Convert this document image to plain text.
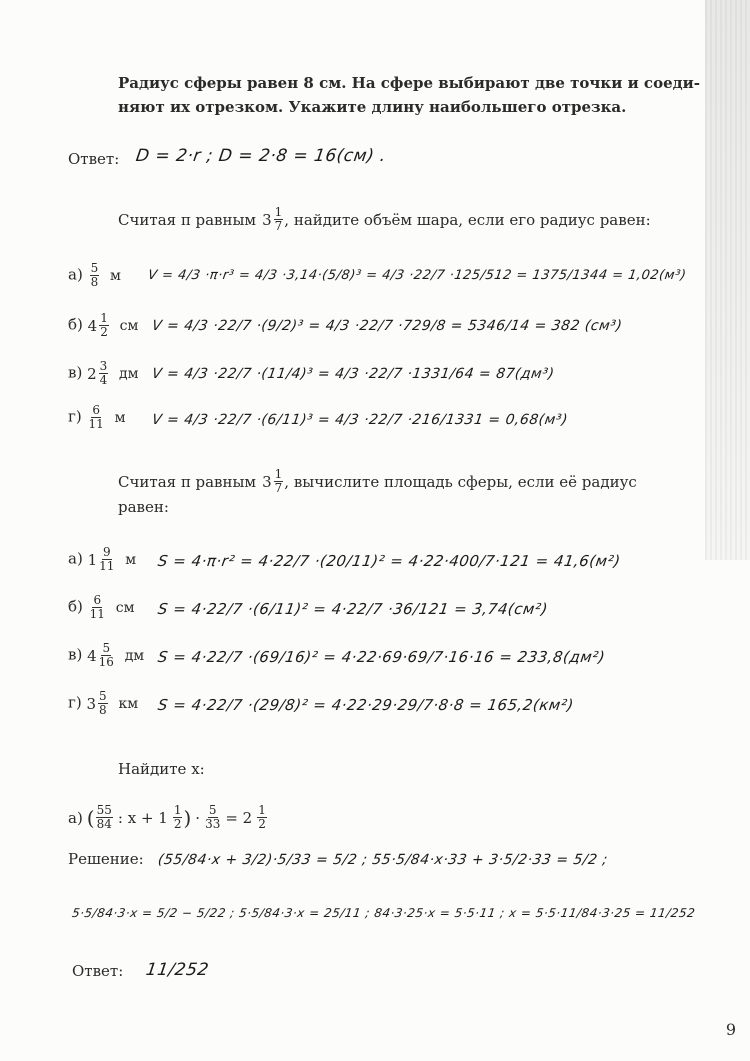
Радиус сферы равен 8 см. На сфере выбирают две точки и соеди-
няют их отрезком. Укажите длину наибольшего отрезка.
Ответ: D = 2·r ; D = 2·8 = 16(см) .
Считая π равным $3 \frac{1}{7}$ , найдите объём шара, если его радиус равен:
$а) \frac{5}{8}$ м V = 4/3 ·π·r³ = 4/3 ·3,14·(5/8)³ = 4/3 ·22/7 ·125/512 = 1375/1344 = 1,02(м³)
б) $4 \frac{1}{2}$ см V = 4/3 ·22/7 ·(9/2)³ = 4/3 ·22/7 ·729/8 = 5346/14 = 382 (см³)
в) $2 \frac{3}{4}$ дм V = 4/3 ·22/7 ·(11/4)³ = 4/3 ·22/7 ·1331/64 = 87(дм³)
$г) \frac{6}{11}$ м V = 4/3 ·22/7 ·(6/11)³ = 4/3 ·22/7 ·216/1331 = 0,68(м³)
Считая π равным $3 \frac{1}{7}$ , вычислите площадь сферы, если её радиус
равен:
а) $1 \frac{9}{11}$ м S = 4·π·r² = 4·22/7 ·(20/11)² = 4·22·400/7·121 = 41,6(м²)
$б) \frac{6}{11}$ см S = 4·22/7 ·(6/11)² = 4·22/7 ·36/121 = 3,74(см²)
в) $4 \frac{5}{16}$ дм S = 4·22/7 ·(69/16)² = 4·22·69·69/7·16·16 = 233,8(дм²)
г) $3 \frac{5}{8}$ км S = 4·22/7 ·(29/8)² = 4·22·29·29/7·8·8 = 165,2(км²)
Найдите x:
а) ( $\frac{55}{84}$ : $x + 1 \frac{1}{2}$ ) · $\frac{5}{33} = 2 \frac{1}{2}$
Решение: (55/84·x + 3/2)·5/33 = 5/2 ; 55·5/84·x·33 + 3·5/2·33 = 5/2 ;
5·5/84·3·x = 5/2 − 5/22 ; 5·5/84·3·x = 25/11 ; 84·3·25·x = 5·5·11 ; x = 5·5·11/84·3·25 = 11/252
Ответ: 11/252
9
